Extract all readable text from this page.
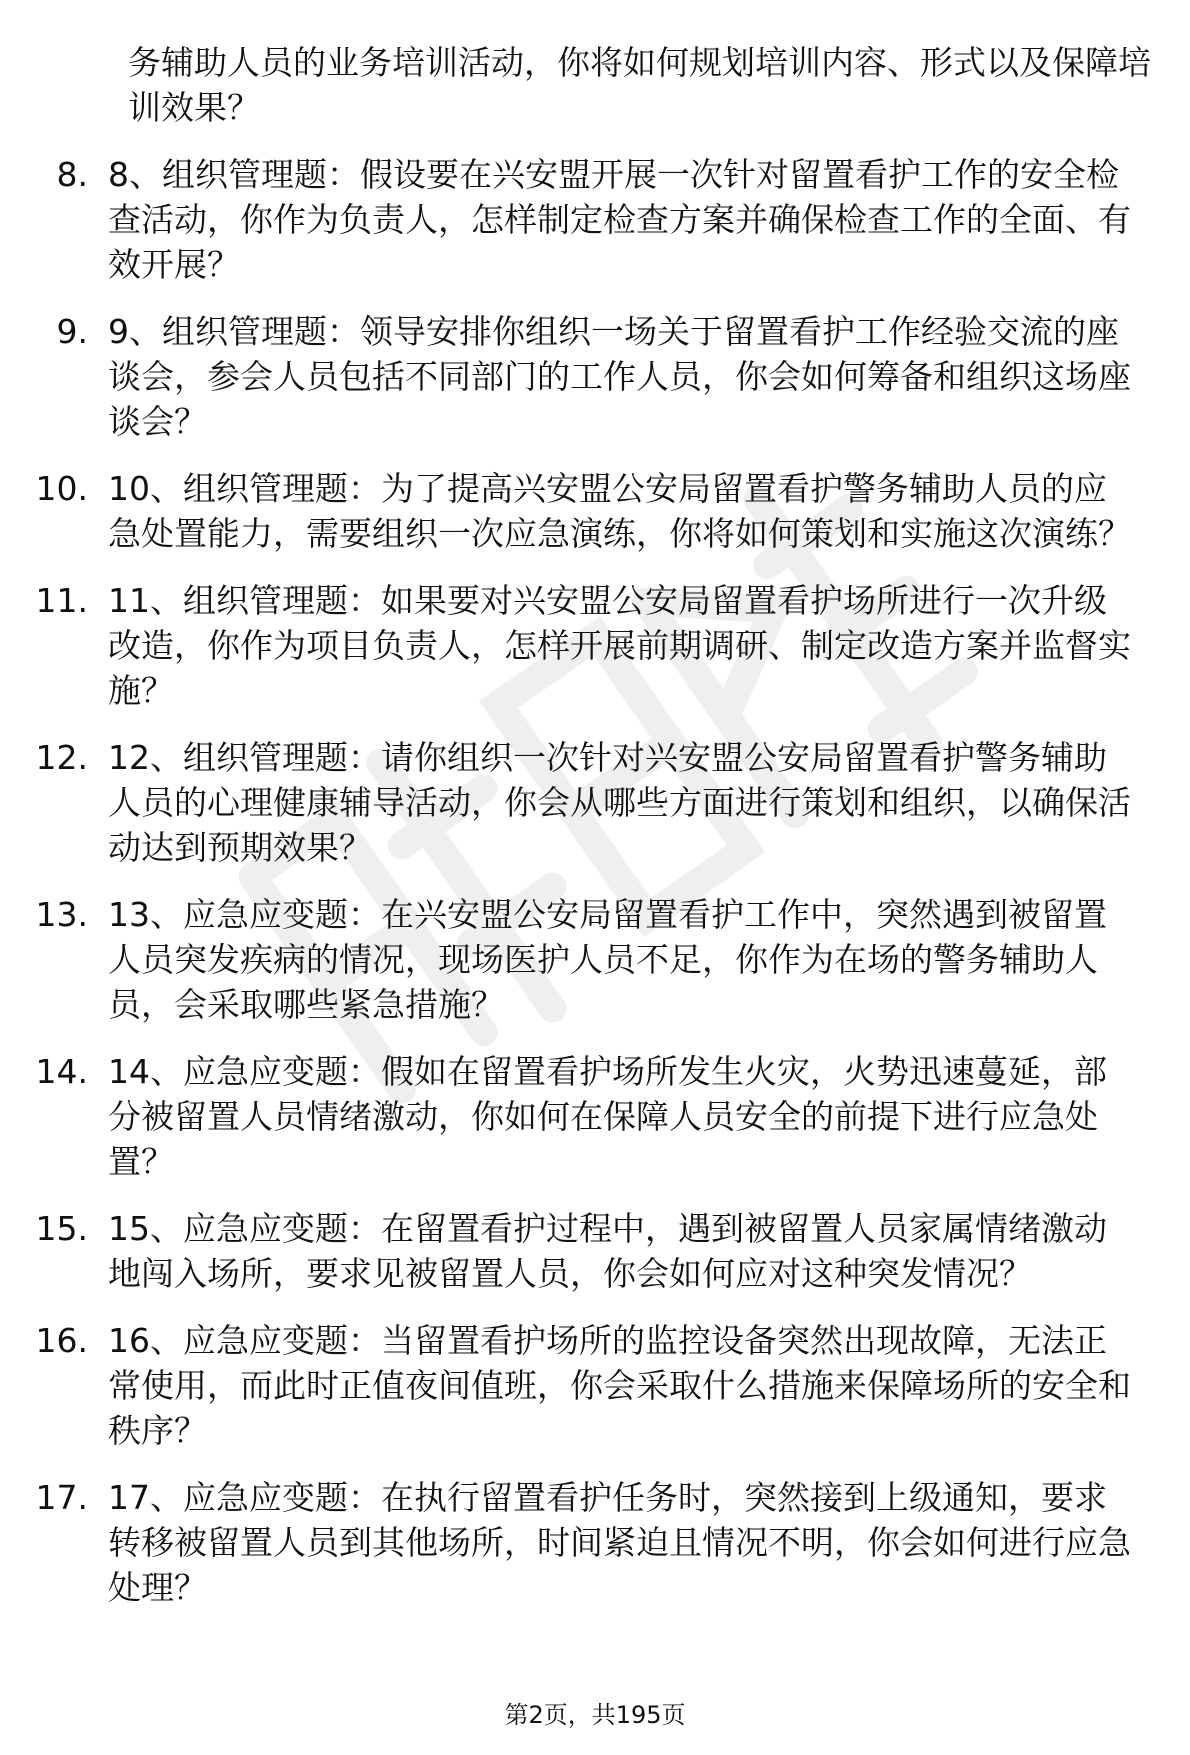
务辅助人员的业务培训活动，你将如何规划培训内容、形式以及保障培训效果？
8. 8、组织管理题：假设要在兴安盟开展一次针对留置看护工作的安全检查活动，你作为负责人，怎样制定检查方案并确保检查工作的全面、有效开展？
9. 9、组织管理题：领导安排你组织一场关于留置看护工作经验交流的座谈会，参会人员包括不同部门的工作人员，你会如何筹备和组织这场座谈会？
10. 10、组织管理题：为了提高兴安盟公安局留置看护警务辅助人员的应急处置能力，需要组织一次应急演练，你将如何策划和实施这次演练？
11. 11、组织管理题：如果要对兴安盟公安局留置看护场所进行一次升级改造，你作为项目负责人，怎样开展前期调研、制定改造方案并监督实施？
12. 12、组织管理题：请你组织一次针对兴安盟公安局留置看护警务辅助人员的心理健康辅导活动，你会从哪些方面进行策划和组织，以确保活动达到预期效果？
13. 13、应急应变题：在兴安盟公安局留置看护工作中，突然遇到被留置人员突发疾病的情况，现场医护人员不足，你作为在场的警务辅助人员，会采取哪些紧急措施？
14. 14、应急应变题：假如在留置看护场所发生火灾，火势迅速蔓延，部分被留置人员情绪激动，你如何在保障人员安全的前提下进行应急处置？
15. 15、应急应变题：在留置看护过程中，遇到被留置人员家属情绪激动地闯入场所，要求见被留置人员，你会如何应对这种突发情况？
16. 16、应急应变题：当留置看护场所的监控设备突然出现故障，无法正常使用，而此时正值夜间值班，你会采取什么措施来保障场所的安全和秩序？
17. 17、应急应变题：在执行留置看护任务时，突然接到上级通知，要求转移被留置人员到其他场所，时间紧迫且情况不明，你会如何进行应急处理？
第2页，共195页
